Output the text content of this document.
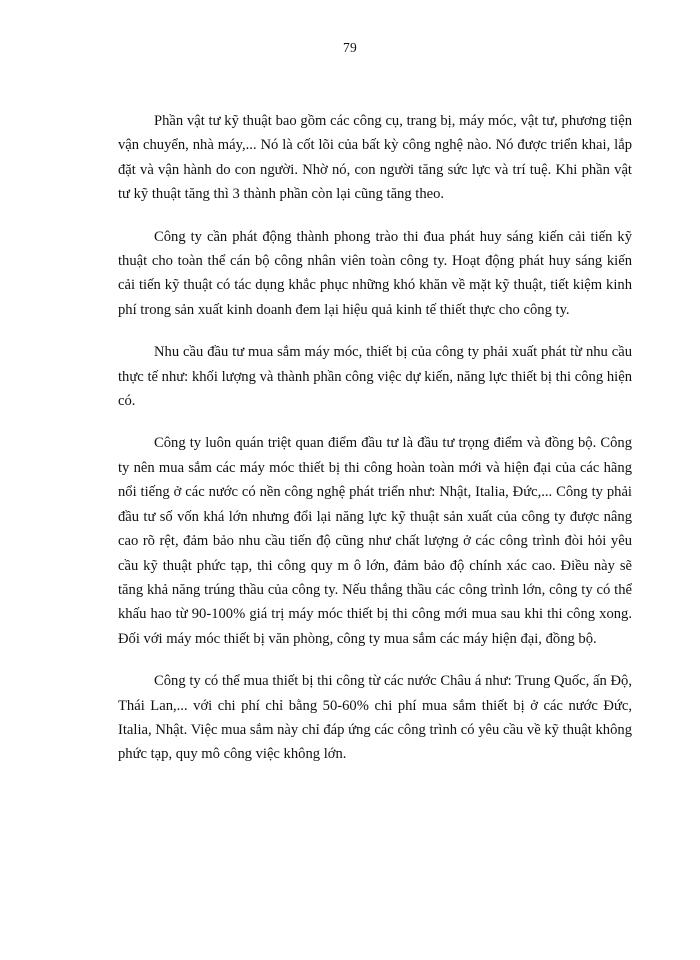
79

Phần vật tư kỹ thuật bao gồm các công cụ, trang bị, máy móc, vật tư, phương tiện vận chuyển, nhà máy,... Nó là cốt lõi của bất kỳ công nghệ nào. Nó được triển khai, lắp đặt và vận hành do con người. Nhờ nó, con người tăng sức lực và trí tuệ. Khi phần vật tư kỹ thuật tăng thì 3 thành phần còn lại cũng tăng theo.

Công ty cần phát động thành phong trào thi đua phát huy sáng kiến cải tiến kỹ thuật cho toàn thể cán bộ công nhân viên toàn công ty. Hoạt động phát huy sáng kiến cải tiến kỹ thuật có tác dụng khắc phục những khó khăn về mặt kỹ thuật, tiết kiệm kinh phí trong sản xuất kinh doanh đem lại hiệu quả kinh tế thiết thực cho công ty.

Nhu cầu đầu tư mua sắm máy móc, thiết bị của công ty phải xuất phát từ nhu cầu thực tế như: khối lượng và thành phần công việc dự kiến, năng lực thiết bị thi công hiện có.

Công ty luôn quán triệt quan điểm đầu tư là đầu tư trọng điểm và đồng bộ. Công ty nên mua sắm các máy móc thiết bị thi công hoàn toàn mới và hiện đại của các hãng nổi tiếng ở các nước có nền công nghệ phát triển như: Nhật, Italia, Đức,... Công ty phải đầu tư số vốn khá lớn nhưng đổi lại năng lực kỹ thuật sản xuất của công ty được nâng cao rõ rệt, đảm bảo nhu cầu tiến độ cũng như chất lượng ở các công trình đòi hỏi yêu cầu kỹ thuật phức tạp, thi công quy m ô lớn, đảm bảo độ chính xác cao. Điều này sẽ tăng khả năng trúng thầu của công ty. Nếu thắng thầu các công trình lớn, công ty có thể khấu hao từ 90-100% giá trị máy móc thiết bị thi công mới mua sau khi thi công xong. Đối với máy móc thiết bị văn phòng, công ty mua sắm các máy hiện đại, đồng bộ.

Công ty có thể mua thiết bị thi công từ các nước Châu á như: Trung Quốc, ấn Độ, Thái Lan,... với chi phí chỉ bằng 50-60% chi phí mua sắm thiết bị ở các nước Đức, Italia, Nhật. Việc mua sắm này chỉ đáp ứng các công trình có yêu cầu về kỹ thuật không phức tạp, quy mô công việc không lớn.
